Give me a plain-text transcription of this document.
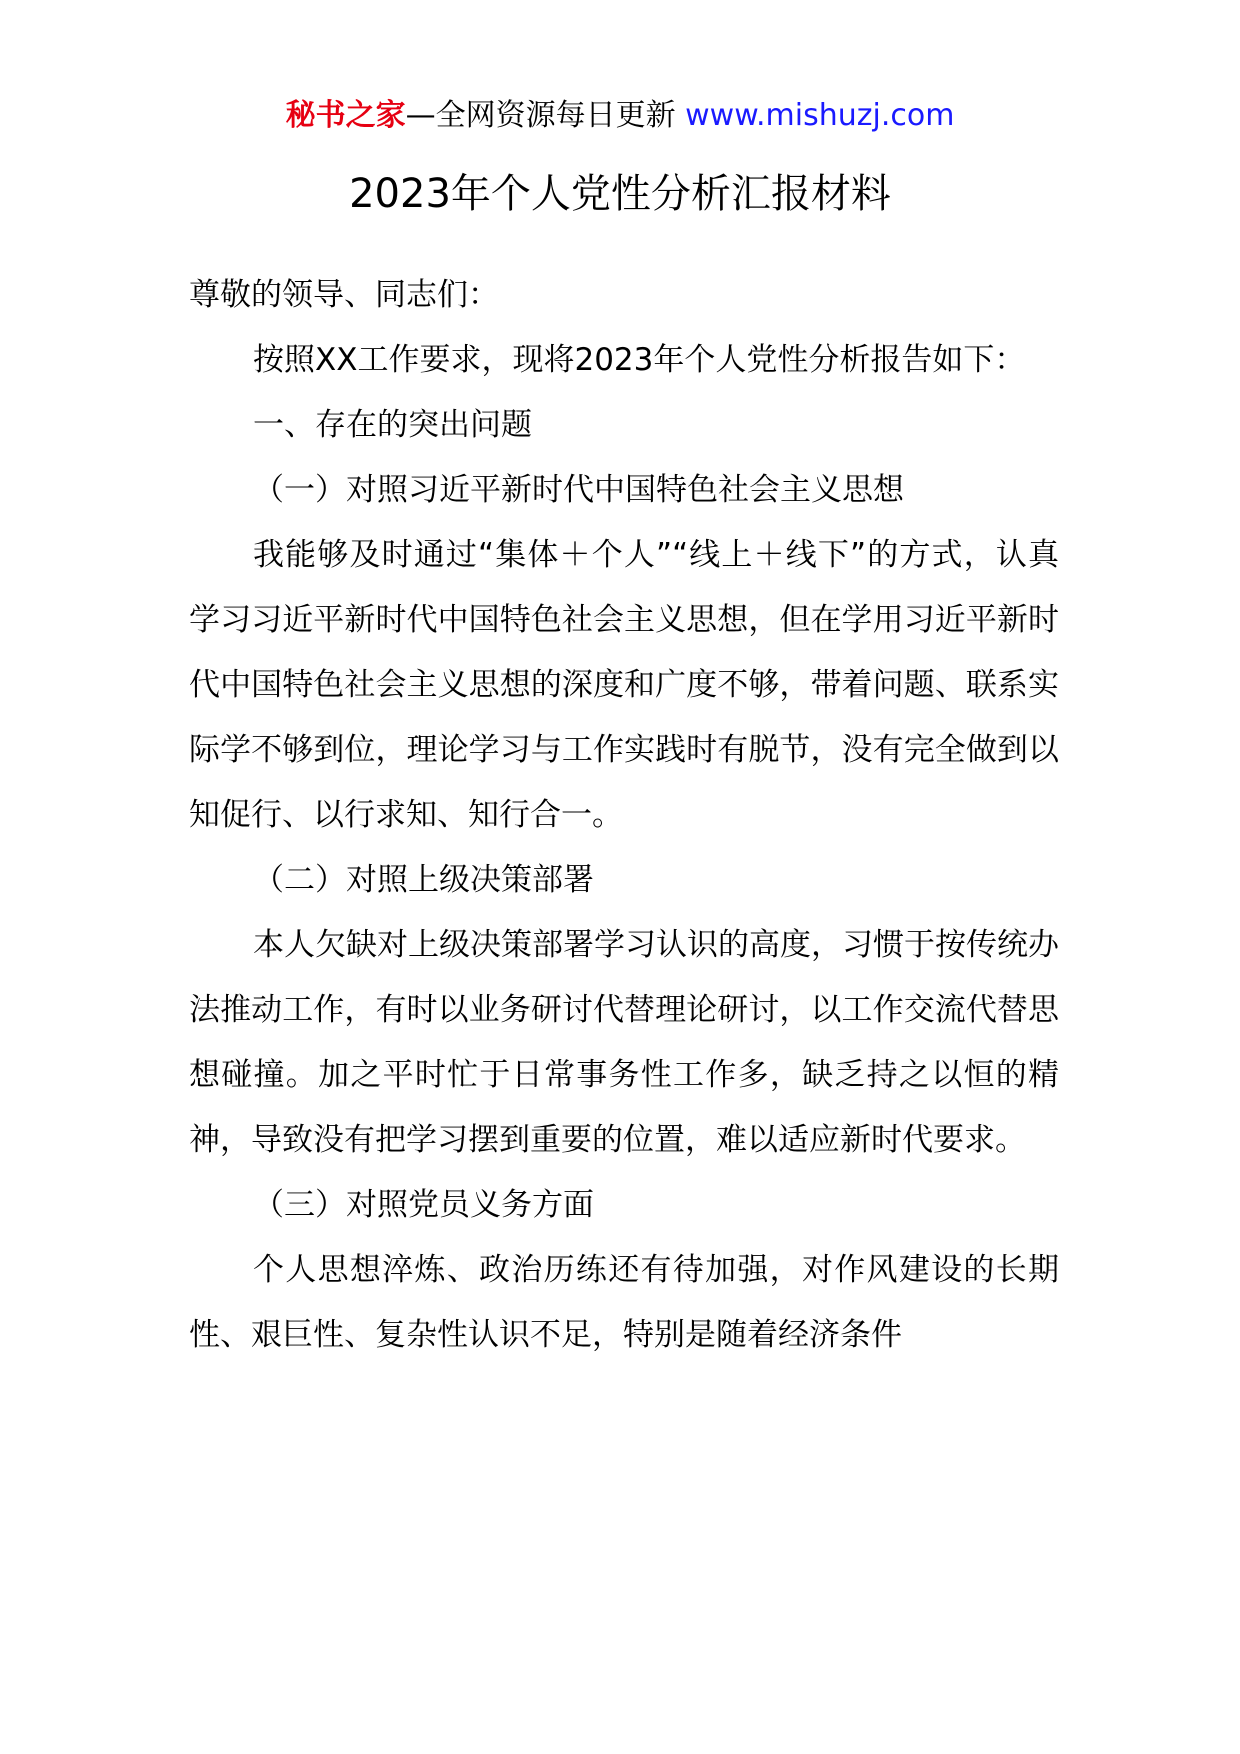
秘书之家—全网资源每日更新 www.mishuzj.com
2023年个人党性分析汇报材料

尊敬的领导、同志们：

按照XX工作要求，现将2023年个人党性分析报告如下：

一、存在的突出问题

（一）对照习近平新时代中国特色社会主义思想

我能够及时通过“集体＋个人”“线上＋线下”的方式，认真学习习近平新时代中国特色社会主义思想，但在学用习近平新时代中国特色社会主义思想的深度和广度不够，带着问题、联系实际学不够到位，理论学习与工作实践时有脱节，没有完全做到以知促行、以行求知、知行合一。

（二）对照上级决策部署

本人欠缺对上级决策部署学习认识的高度，习惯于按传统办法推动工作，有时以业务研讨代替理论研讨，以工作交流代替思想碰撞。加之平时忙于日常事务性工作多，缺乏持之以恒的精神，导致没有把学习摆到重要的位置，难以适应新时代要求。

（三）对照党员义务方面

个人思想淬炼、政治历练还有待加强，对作风建设的长期性、艰巨性、复杂性认识不足，特别是随着经济条件
